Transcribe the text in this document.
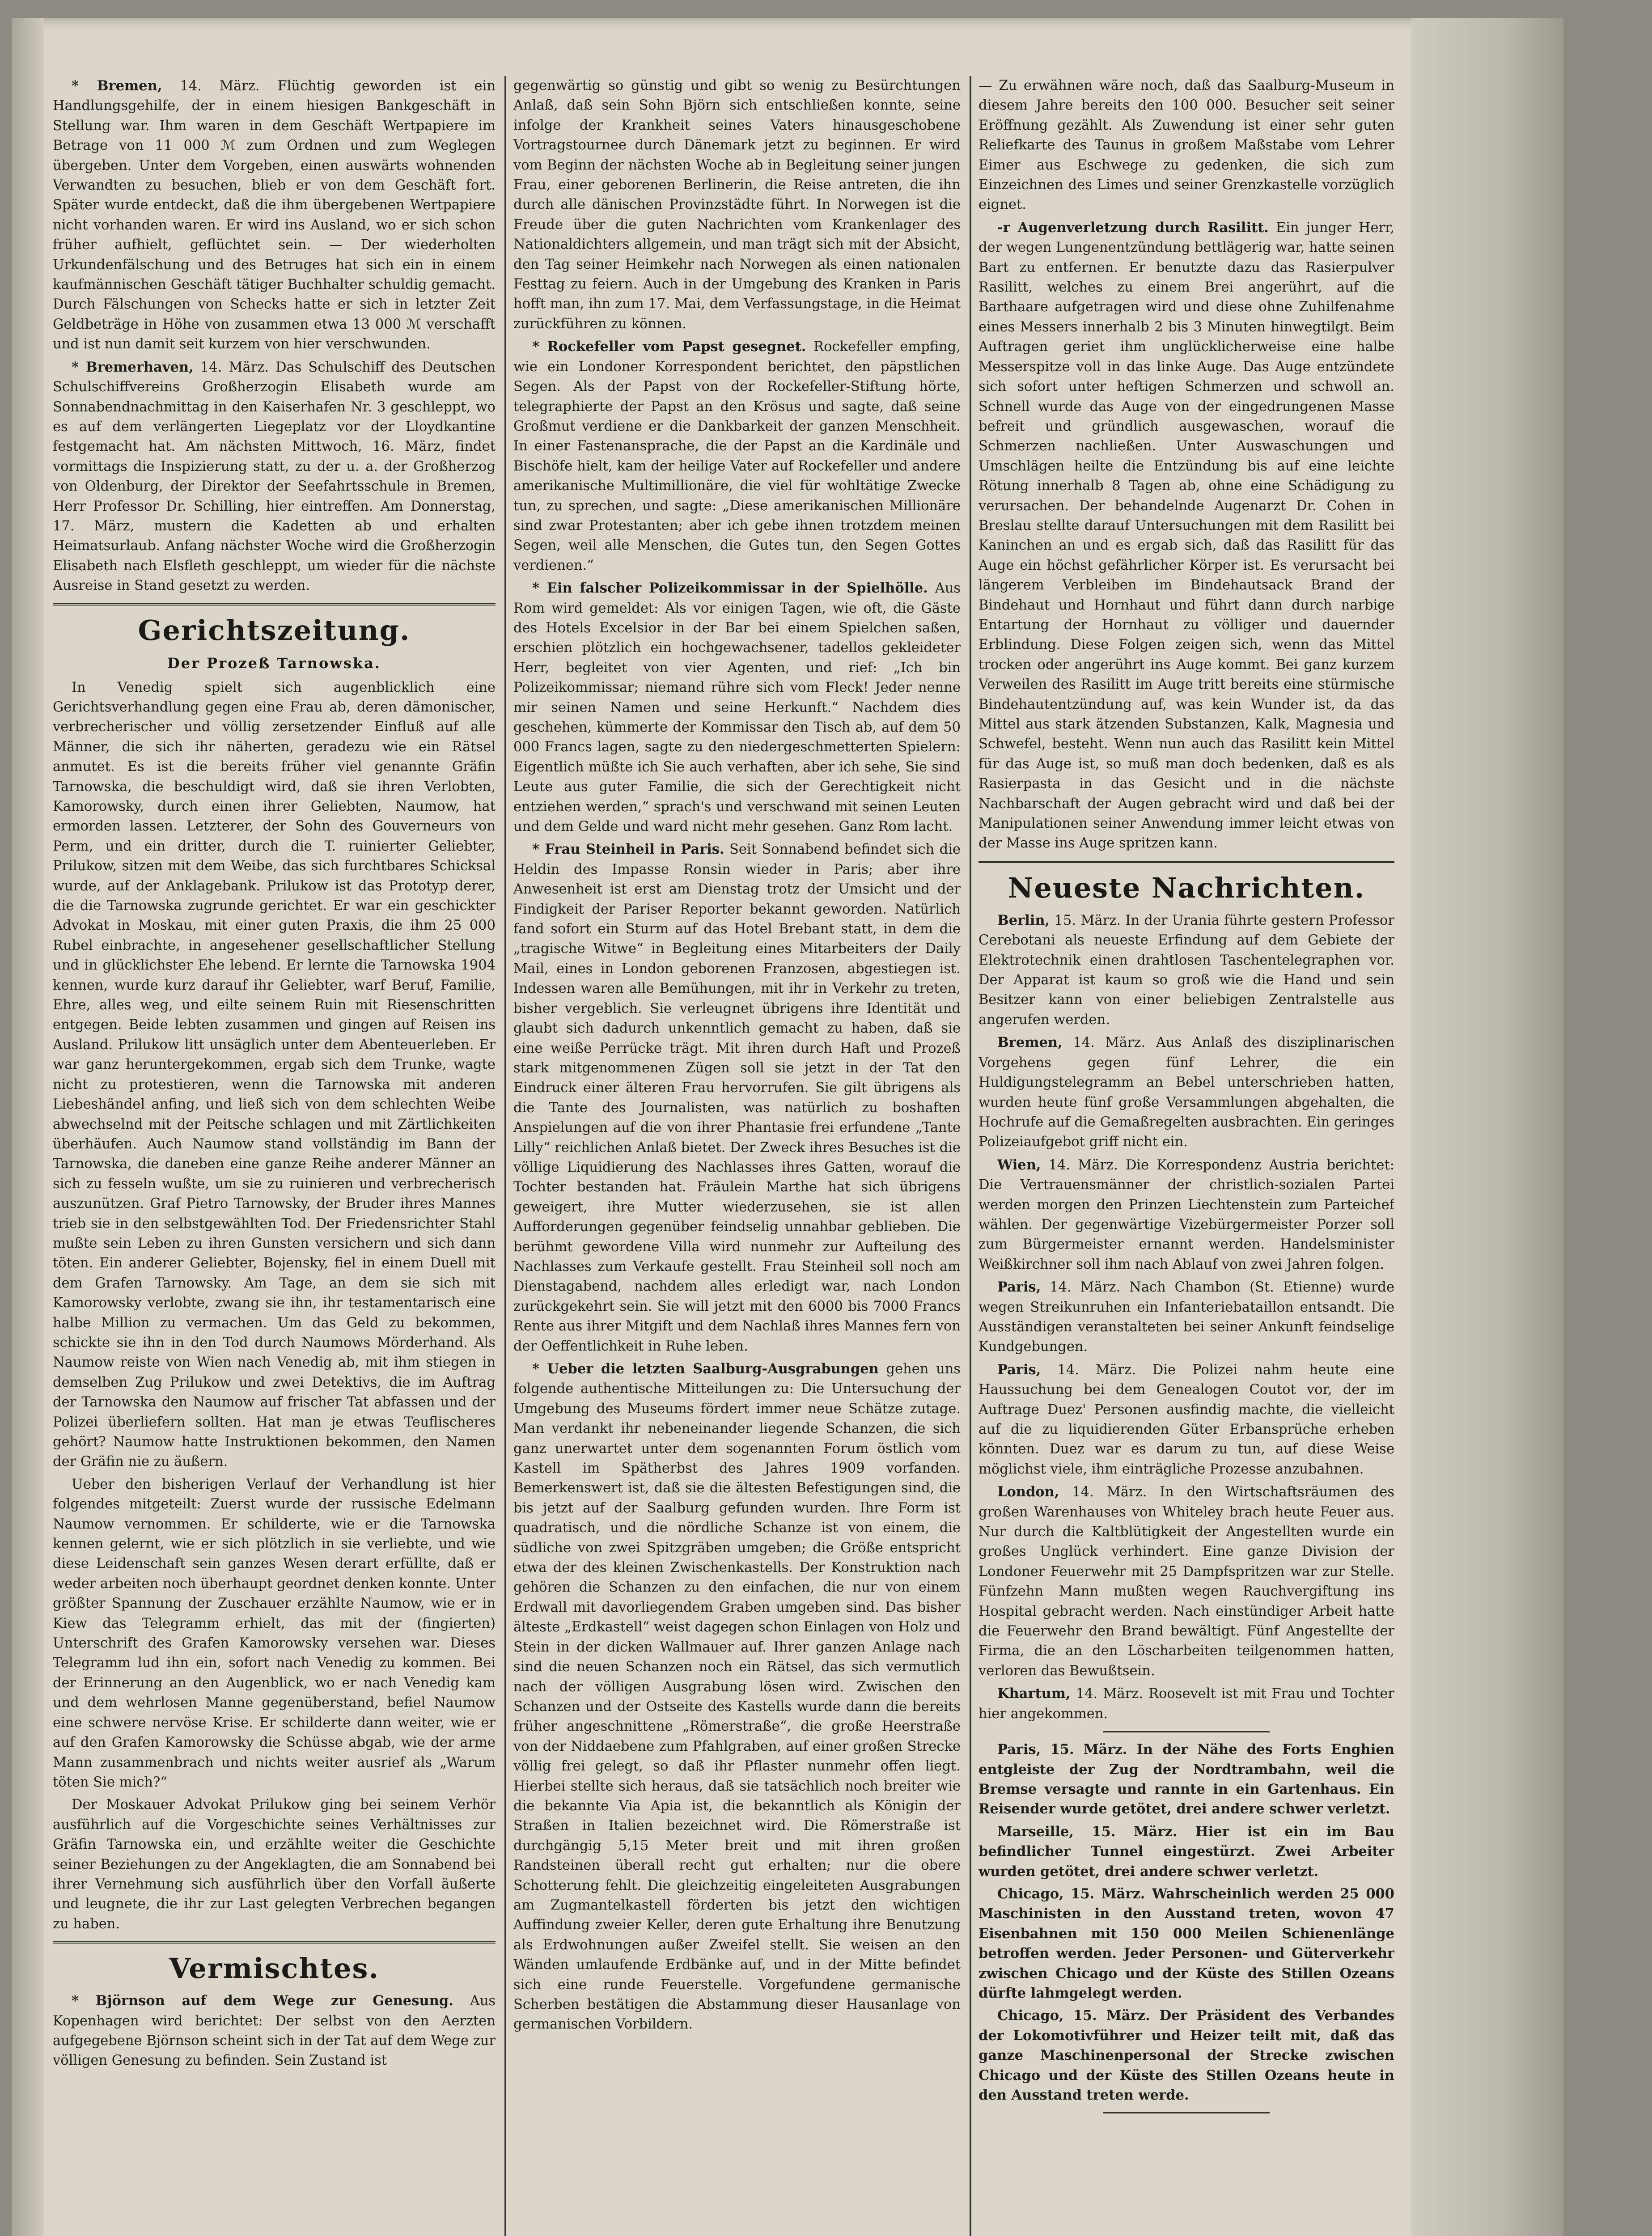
* Bremen, 14. März. Flüchtig geworden ist ein Handlungsgehilfe, der in einem hiesigen Bankgeschäft in Stellung war. Ihm waren in dem Geschäft Wertpapiere im Betrage von 11 000 ℳ zum Ordnen und zum Weglegen übergeben. Unter dem Vorgeben, einen auswärts wohnenden Verwandten zu besuchen, blieb er von dem Geschäft fort. Später wurde entdeckt, daß die ihm übergebenen Wertpapiere nicht vorhanden waren. Er wird ins Ausland, wo er sich schon früher aufhielt, geflüchtet sein. — Der wiederholten Urkundenfälschung und des Betruges hat sich ein in einem kaufmännischen Geschäft tätiger Buchhalter schuldig gemacht. Durch Fälschungen von Schecks hatte er sich in letzter Zeit Geldbeträge in Höhe von zusammen etwa 13 000 ℳ verschafft und ist nun damit seit kurzem von hier verschwunden.

* Bremerhaven, 14. März. Das Schulschiff des Deutschen Schulschiffvereins Großherzogin Elisabeth wurde am Sonnabendnachmittag in den Kaiserhafen Nr. 3 geschleppt, wo es auf dem verlängerten Liegeplatz vor der Lloydkantine festgemacht hat. Am nächsten Mittwoch, 16. März, findet vormittags die Inspizierung statt, zu der u. a. der Großherzog von Oldenburg, der Direktor der Seefahrtsschule in Bremen, Herr Professor Dr. Schilling, hier eintreffen. Am Donnerstag, 17. März, mustern die Kadetten ab und erhalten Heimatsurlaub. Anfang nächster Woche wird die Großherzogin Elisabeth nach Elsfleth geschleppt, um wieder für die nächste Ausreise in Stand gesetzt zu werden.

Gerichtszeitung.
Der Prozeß Tarnowska.

In Venedig spielt sich augenblicklich eine Gerichtsverhandlung gegen eine Frau ab, deren dämonischer, verbrecherischer und völlig zersetzender Einfluß auf alle Männer, die sich ihr näherten, geradezu wie ein Rätsel anmutet. Es ist die bereits früher viel genannte Gräfin Tarnowska, die beschuldigt wird, daß sie ihren Verlobten, Kamorowsky, durch einen ihrer Geliebten, Naumow, hat ermorden lassen. Letzterer, der Sohn des Gouverneurs von Perm, und ein dritter, durch die T. ruinierter Geliebter, Prilukow, sitzen mit dem Weibe, das sich furchtbares Schicksal wurde, auf der Anklagebank. Prilukow ist das Prototyp derer, die die Tarnowska zugrunde gerichtet. Er war ein geschickter Advokat in Moskau, mit einer guten Praxis, die ihm 25 000 Rubel einbrachte, in angesehener gesellschaftlicher Stellung und in glücklichster Ehe lebend. Er lernte die Tarnowska 1904 kennen, wurde kurz darauf ihr Geliebter, warf Beruf, Familie, Ehre, alles weg, und eilte seinem Ruin mit Riesenschritten entgegen. Beide lebten zusammen und gingen auf Reisen ins Ausland. Prilukow litt unsäglich unter dem Abenteuerleben. Er war ganz heruntergekommen, ergab sich dem Trunke, wagte nicht zu protestieren, wenn die Tarnowska mit anderen Liebeshändel anfing, und ließ sich von dem schlechten Weibe abwechselnd mit der Peitsche schlagen und mit Zärtlichkeiten überhäufen. Auch Naumow stand vollständig im Bann der Tarnowska, die daneben eine ganze Reihe anderer Männer an sich zu fesseln wußte, um sie zu ruinieren und verbrecherisch auszunützen. Graf Pietro Tarnowsky, der Bruder ihres Mannes trieb sie in den selbstgewählten Tod. Der Friedensrichter Stahl mußte sein Leben zu ihren Gunsten versichern und sich dann töten. Ein anderer Geliebter, Bojensky, fiel in einem Duell mit dem Grafen Tarnowsky. Am Tage, an dem sie sich mit Kamorowsky verlobte, zwang sie ihn, ihr testamentarisch eine halbe Million zu vermachen. Um das Geld zu bekommen, schickte sie ihn in den Tod durch Naumows Mörderhand. Als Naumow reiste von Wien nach Venedig ab, mit ihm stiegen in demselben Zug Prilukow und zwei Detektivs, die im Auftrag der Tarnowska den Naumow auf frischer Tat abfassen und der Polizei überliefern sollten. Hat man je etwas Teuflischeres gehört? Naumow hatte Instruktionen bekommen, den Namen der Gräfin nie zu äußern.

Ueber den bisherigen Verlauf der Verhandlung ist hier folgendes mitgeteilt: Zuerst wurde der russische Edelmann Naumow vernommen. Er schilderte, wie er die Tarnowska kennen gelernt, wie er sich plötzlich in sie verliebte, und wie diese Leidenschaft sein ganzes Wesen derart erfüllte, daß er weder arbeiten noch überhaupt geordnet denken konnte. Unter größter Spannung der Zuschauer erzählte Naumow, wie er in Kiew das Telegramm erhielt, das mit der (fingierten) Unterschrift des Grafen Kamorowsky versehen war. Dieses Telegramm lud ihn ein, sofort nach Venedig zu kommen. Bei der Erinnerung an den Augenblick, wo er nach Venedig kam und dem wehrlosen Manne gegenüberstand, befiel Naumow eine schwere nervöse Krise. Er schilderte dann weiter, wie er auf den Grafen Kamorowsky die Schüsse abgab, wie der arme Mann zusammenbrach und nichts weiter ausrief als „Warum töten Sie mich?“

Der Moskauer Advokat Prilukow ging bei seinem Verhör ausführlich auf die Vorgeschichte seines Verhältnisses zur Gräfin Tarnowska ein, und erzählte weiter die Geschichte seiner Beziehungen zu der Angeklagten, die am Sonnabend bei ihrer Vernehmung sich ausführlich über den Vorfall äußerte und leugnete, die ihr zur Last gelegten Verbrechen begangen zu haben.

Vermischtes.

* Björnson auf dem Wege zur Genesung. Aus Kopenhagen wird berichtet: Der selbst von den Aerzten aufgegebene Björnson scheint sich in der Tat auf dem Wege zur völligen Genesung zu befinden. Sein Zustand ist

gegenwärtig so günstig und gibt so wenig zu Besürchtungen Anlaß, daß sein Sohn Björn sich entschließen konnte, seine infolge der Krankheit seines Vaters hinausgeschobene Vortragstournee durch Dänemark jetzt zu beginnen. Er wird vom Beginn der nächsten Woche ab in Begleitung seiner jungen Frau, einer geborenen Berlinerin, die Reise antreten, die ihn durch alle dänischen Provinzstädte führt. In Norwegen ist die Freude über die guten Nachrichten vom Krankenlager des Nationaldichters allgemein, und man trägt sich mit der Absicht, den Tag seiner Heimkehr nach Norwegen als einen nationalen Festtag zu feiern. Auch in der Umgebung des Kranken in Paris hofft man, ihn zum 17. Mai, dem Verfassungstage, in die Heimat zurückführen zu können.

* Rockefeller vom Papst gesegnet. Rockefeller empfing, wie ein Londoner Korrespondent berichtet, den päpstlichen Segen. Als der Papst von der Rockefeller-Stiftung hörte, telegraphierte der Papst an den Krösus und sagte, daß seine Großmut verdiene er die Dankbarkeit der ganzen Menschheit. In einer Fastenansprache, die der Papst an die Kardinäle und Bischöfe hielt, kam der heilige Vater auf Rockefeller und andere amerikanische Multimillionäre, die viel für wohltätige Zwecke tun, zu sprechen, und sagte: „Diese amerikanischen Millionäre sind zwar Protestanten; aber ich gebe ihnen trotzdem meinen Segen, weil alle Menschen, die Gutes tun, den Segen Gottes verdienen.“

* Ein falscher Polizeikommissar in der Spielhölle. Aus Rom wird gemeldet: Als vor einigen Tagen, wie oft, die Gäste des Hotels Excelsior in der Bar bei einem Spielchen saßen, erschien plötzlich ein hochgewachsener, tadellos gekleideter Herr, begleitet von vier Agenten, und rief: „Ich bin Polizeikommissar; niemand rühre sich vom Fleck! Jeder nenne mir seinen Namen und seine Herkunft.“ Nachdem dies geschehen, kümmerte der Kommissar den Tisch ab, auf dem 50 000 Francs lagen, sagte zu den niedergeschmetterten Spielern: Eigentlich müßte ich Sie auch verhaften, aber ich sehe, Sie sind Leute aus guter Familie, die sich der Gerechtigkeit nicht entziehen werden,“ sprach's und verschwand mit seinen Leuten und dem Gelde und ward nicht mehr gesehen. Ganz Rom lacht.

* Frau Steinheil in Paris. Seit Sonnabend befindet sich die Heldin des Impasse Ronsin wieder in Paris; aber ihre Anwesenheit ist erst am Dienstag trotz der Umsicht und der Findigkeit der Pariser Reporter bekannt geworden. Natürlich fand sofort ein Sturm auf das Hotel Brebant statt, in dem die „tragische Witwe“ in Begleitung eines Mitarbeiters der Daily Mail, eines in London geborenen Franzosen, abgestiegen ist. Indessen waren alle Bemühungen, mit ihr in Verkehr zu treten, bisher vergeblich. Sie verleugnet übrigens ihre Identität und glaubt sich dadurch unkenntlich gemacht zu haben, daß sie eine weiße Perrücke trägt. Mit ihren durch Haft und Prozeß stark mitgenommenen Zügen soll sie jetzt in der Tat den Eindruck einer älteren Frau hervorrufen. Sie gilt übrigens als die Tante des Journalisten, was natürlich zu boshaften Anspielungen auf die von ihrer Phantasie frei erfundene „Tante Lilly“ reichlichen Anlaß bietet. Der Zweck ihres Besuches ist die völlige Liquidierung des Nachlasses ihres Gatten, worauf die Tochter bestanden hat. Fräulein Marthe hat sich übrigens geweigert, ihre Mutter wiederzusehen, sie ist allen Aufforderungen gegenüber feindselig unnahbar geblieben. Die berühmt gewordene Villa wird nunmehr zur Aufteilung des Nachlasses zum Verkaufe gestellt. Frau Steinheil soll noch am Dienstagabend, nachdem alles erledigt war, nach London zurückgekehrt sein. Sie will jetzt mit den 6000 bis 7000 Francs Rente aus ihrer Mitgift und dem Nachlaß ihres Mannes fern von der Oeffentlichkeit in Ruhe leben.

* Ueber die letzten Saalburg-Ausgrabungen gehen uns folgende authentische Mitteilungen zu: Die Untersuchung der Umgebung des Museums fördert immer neue Schätze zutage. Man verdankt ihr nebeneinander liegende Schanzen, die sich ganz unerwartet unter dem sogenannten Forum östlich vom Kastell im Spätherbst des Jahres 1909 vorfanden. Bemerkenswert ist, daß sie die ältesten Befestigungen sind, die bis jetzt auf der Saalburg gefunden wurden. Ihre Form ist quadratisch, und die nördliche Schanze ist von einem, die südliche von zwei Spitzgräben umgeben; die Größe entspricht etwa der des kleinen Zwischenkastells. Der Konstruktion nach gehören die Schanzen zu den einfachen, die nur von einem Erdwall mit davorliegendem Graben umgeben sind. Das bisher älteste „Erdkastell“ weist dagegen schon Einlagen von Holz und Stein in der dicken Wallmauer auf. Ihrer ganzen Anlage nach sind die neuen Schanzen noch ein Rätsel, das sich vermutlich nach der völligen Ausgrabung lösen wird. Zwischen den Schanzen und der Ostseite des Kastells wurde dann die bereits früher angeschnittene „Römerstraße“, die große Heerstraße von der Niddaebene zum Pfahlgraben, auf einer großen Strecke völlig frei gelegt, so daß ihr Pflaster nunmehr offen liegt. Hierbei stellte sich heraus, daß sie tatsächlich noch breiter wie die bekannte Via Apia ist, die bekanntlich als Königin der Straßen in Italien bezeichnet wird. Die Römerstraße ist durchgängig 5,15 Meter breit und mit ihren großen Randsteinen überall recht gut erhalten; nur die obere Schotterung fehlt. Die gleichzeitig eingeleiteten Ausgrabungen am Zugmantelkastell förderten bis jetzt den wichtigen Auffindung zweier Keller, deren gute Erhaltung ihre Benutzung als Erdwohnungen außer Zweifel stellt. Sie weisen an den Wänden umlaufende Erdbänke auf, und in der Mitte befindet sich eine runde Feuerstelle. Vorgefundene germanische Scherben bestätigen die Abstammung dieser Hausanlage von germanischen Vorbildern.

— Zu erwähnen wäre noch, daß das Saalburg-Museum in diesem Jahre bereits den 100 000. Besucher seit seiner Eröffnung gezählt. Als Zuwendung ist einer sehr guten Reliefkarte des Taunus in großem Maßstabe vom Lehrer Eimer aus Eschwege zu gedenken, die sich zum Einzeichnen des Limes und seiner Grenzkastelle vorzüglich eignet.

-r Augenverletzung durch Rasilitt. Ein junger Herr, der wegen Lungenentzündung bettlägerig war, hatte seinen Bart zu entfernen. Er benutzte dazu das Rasierpulver Rasilitt, welches zu einem Brei angerührt, auf die Barthaare aufgetragen wird und diese ohne Zuhilfenahme eines Messers innerhalb 2 bis 3 Minuten hinwegtilgt. Beim Auftragen geriet ihm unglücklicherweise eine halbe Messerspitze voll in das linke Auge. Das Auge entzündete sich sofort unter heftigen Schmerzen und schwoll an. Schnell wurde das Auge von der eingedrungenen Masse befreit und gründlich ausgewaschen, worauf die Schmerzen nachließen. Unter Auswaschungen und Umschlägen heilte die Entzündung bis auf eine leichte Rötung innerhalb 8 Tagen ab, ohne eine Schädigung zu verursachen. Der behandelnde Augenarzt Dr. Cohen in Breslau stellte darauf Untersuchungen mit dem Rasilitt bei Kaninchen an und es ergab sich, daß das Rasilitt für das Auge ein höchst gefährlicher Körper ist. Es verursacht bei längerem Verbleiben im Bindehautsack Brand der Bindehaut und Hornhaut und führt dann durch narbige Entartung der Hornhaut zu völliger und dauernder Erblindung. Diese Folgen zeigen sich, wenn das Mittel trocken oder angerührt ins Auge kommt. Bei ganz kurzem Verweilen des Rasilitt im Auge tritt bereits eine stürmische Bindehautentzündung auf, was kein Wunder ist, da das Mittel aus stark ätzenden Substanzen, Kalk, Magnesia und Schwefel, besteht. Wenn nun auch das Rasilitt kein Mittel für das Auge ist, so muß man doch bedenken, daß es als Rasierpasta in das Gesicht und in die nächste Nachbarschaft der Augen gebracht wird und daß bei der Manipulationen seiner Anwendung immer leicht etwas von der Masse ins Auge spritzen kann.

Neueste Nachrichten.

Berlin, 15. März. In der Urania führte gestern Professor Cerebotani als neueste Erfindung auf dem Gebiete der Elektrotechnik einen drahtlosen Taschentelegraphen vor. Der Apparat ist kaum so groß wie die Hand und sein Besitzer kann von einer beliebigen Zentralstelle aus angerufen werden.

Bremen, 14. März. Aus Anlaß des disziplinarischen Vorgehens gegen fünf Lehrer, die ein Huldigungstelegramm an Bebel unterschrieben hatten, wurden heute fünf große Versammlungen abgehalten, die Hochrufe auf die Gemaßregelten ausbrachten. Ein geringes Polizeiaufgebot griff nicht ein.

Wien, 14. März. Die Korrespondenz Austria berichtet: Die Vertrauensmänner der christlich-sozialen Partei werden morgen den Prinzen Liechtenstein zum Parteichef wählen. Der gegenwärtige Vizebürgermeister Porzer soll zum Bürgermeister ernannt werden. Handelsminister Weißkirchner soll ihm nach Ablauf von zwei Jahren folgen.

Paris, 14. März. Nach Chambon (St. Etienne) wurde wegen Streikunruhen ein Infanteriebataillon entsandt. Die Ausständigen veranstalteten bei seiner Ankunft feindselige Kundgebungen.

Paris, 14. März. Die Polizei nahm heute eine Haussuchung bei dem Genealogen Coutot vor, der im Auftrage Duez' Personen ausfindig machte, die vielleicht auf die zu liquidierenden Güter Erbansprüche erheben könnten. Duez war es darum zu tun, auf diese Weise möglichst viele, ihm einträgliche Prozesse anzubahnen.

London, 14. März. In den Wirtschaftsräumen des großen Warenhauses von Whiteley brach heute Feuer aus. Nur durch die Kaltblütigkeit der Angestellten wurde ein großes Unglück verhindert. Eine ganze Division der Londoner Feuerwehr mit 25 Dampfspritzen war zur Stelle. Fünfzehn Mann mußten wegen Rauchvergiftung ins Hospital gebracht werden. Nach einstündiger Arbeit hatte die Feuerwehr den Brand bewältigt. Fünf Angestellte der Firma, die an den Löscharbeiten teilgenommen hatten, verloren das Bewußtsein.

Khartum, 14. März. Roosevelt ist mit Frau und Tochter hier angekommen.

Paris, 15. März. In der Nähe des Forts Enghien entgleiste der Zug der Nordtrambahn, weil die Bremse versagte und rannte in ein Gartenhaus. Ein Reisender wurde getötet, drei andere schwer verletzt.

Marseille, 15. März. Hier ist ein im Bau befindlicher Tunnel eingestürzt. Zwei Arbeiter wurden getötet, drei andere schwer verletzt.

Chicago, 15. März. Wahrscheinlich werden 25 000 Maschinisten in den Ausstand treten, wovon 47 Eisenbahnen mit 150 000 Meilen Schienenlänge betroffen werden. Jeder Personen- und Güterverkehr zwischen Chicago und der Küste des Stillen Ozeans dürfte lahmgelegt werden.

Chicago, 15. März. Der Präsident des Verbandes der Lokomotivführer und Heizer teilt mit, daß das ganze Maschinenpersonal der Strecke zwischen Chicago und der Küste des Stillen Ozeans heute in den Ausstand treten werde.
